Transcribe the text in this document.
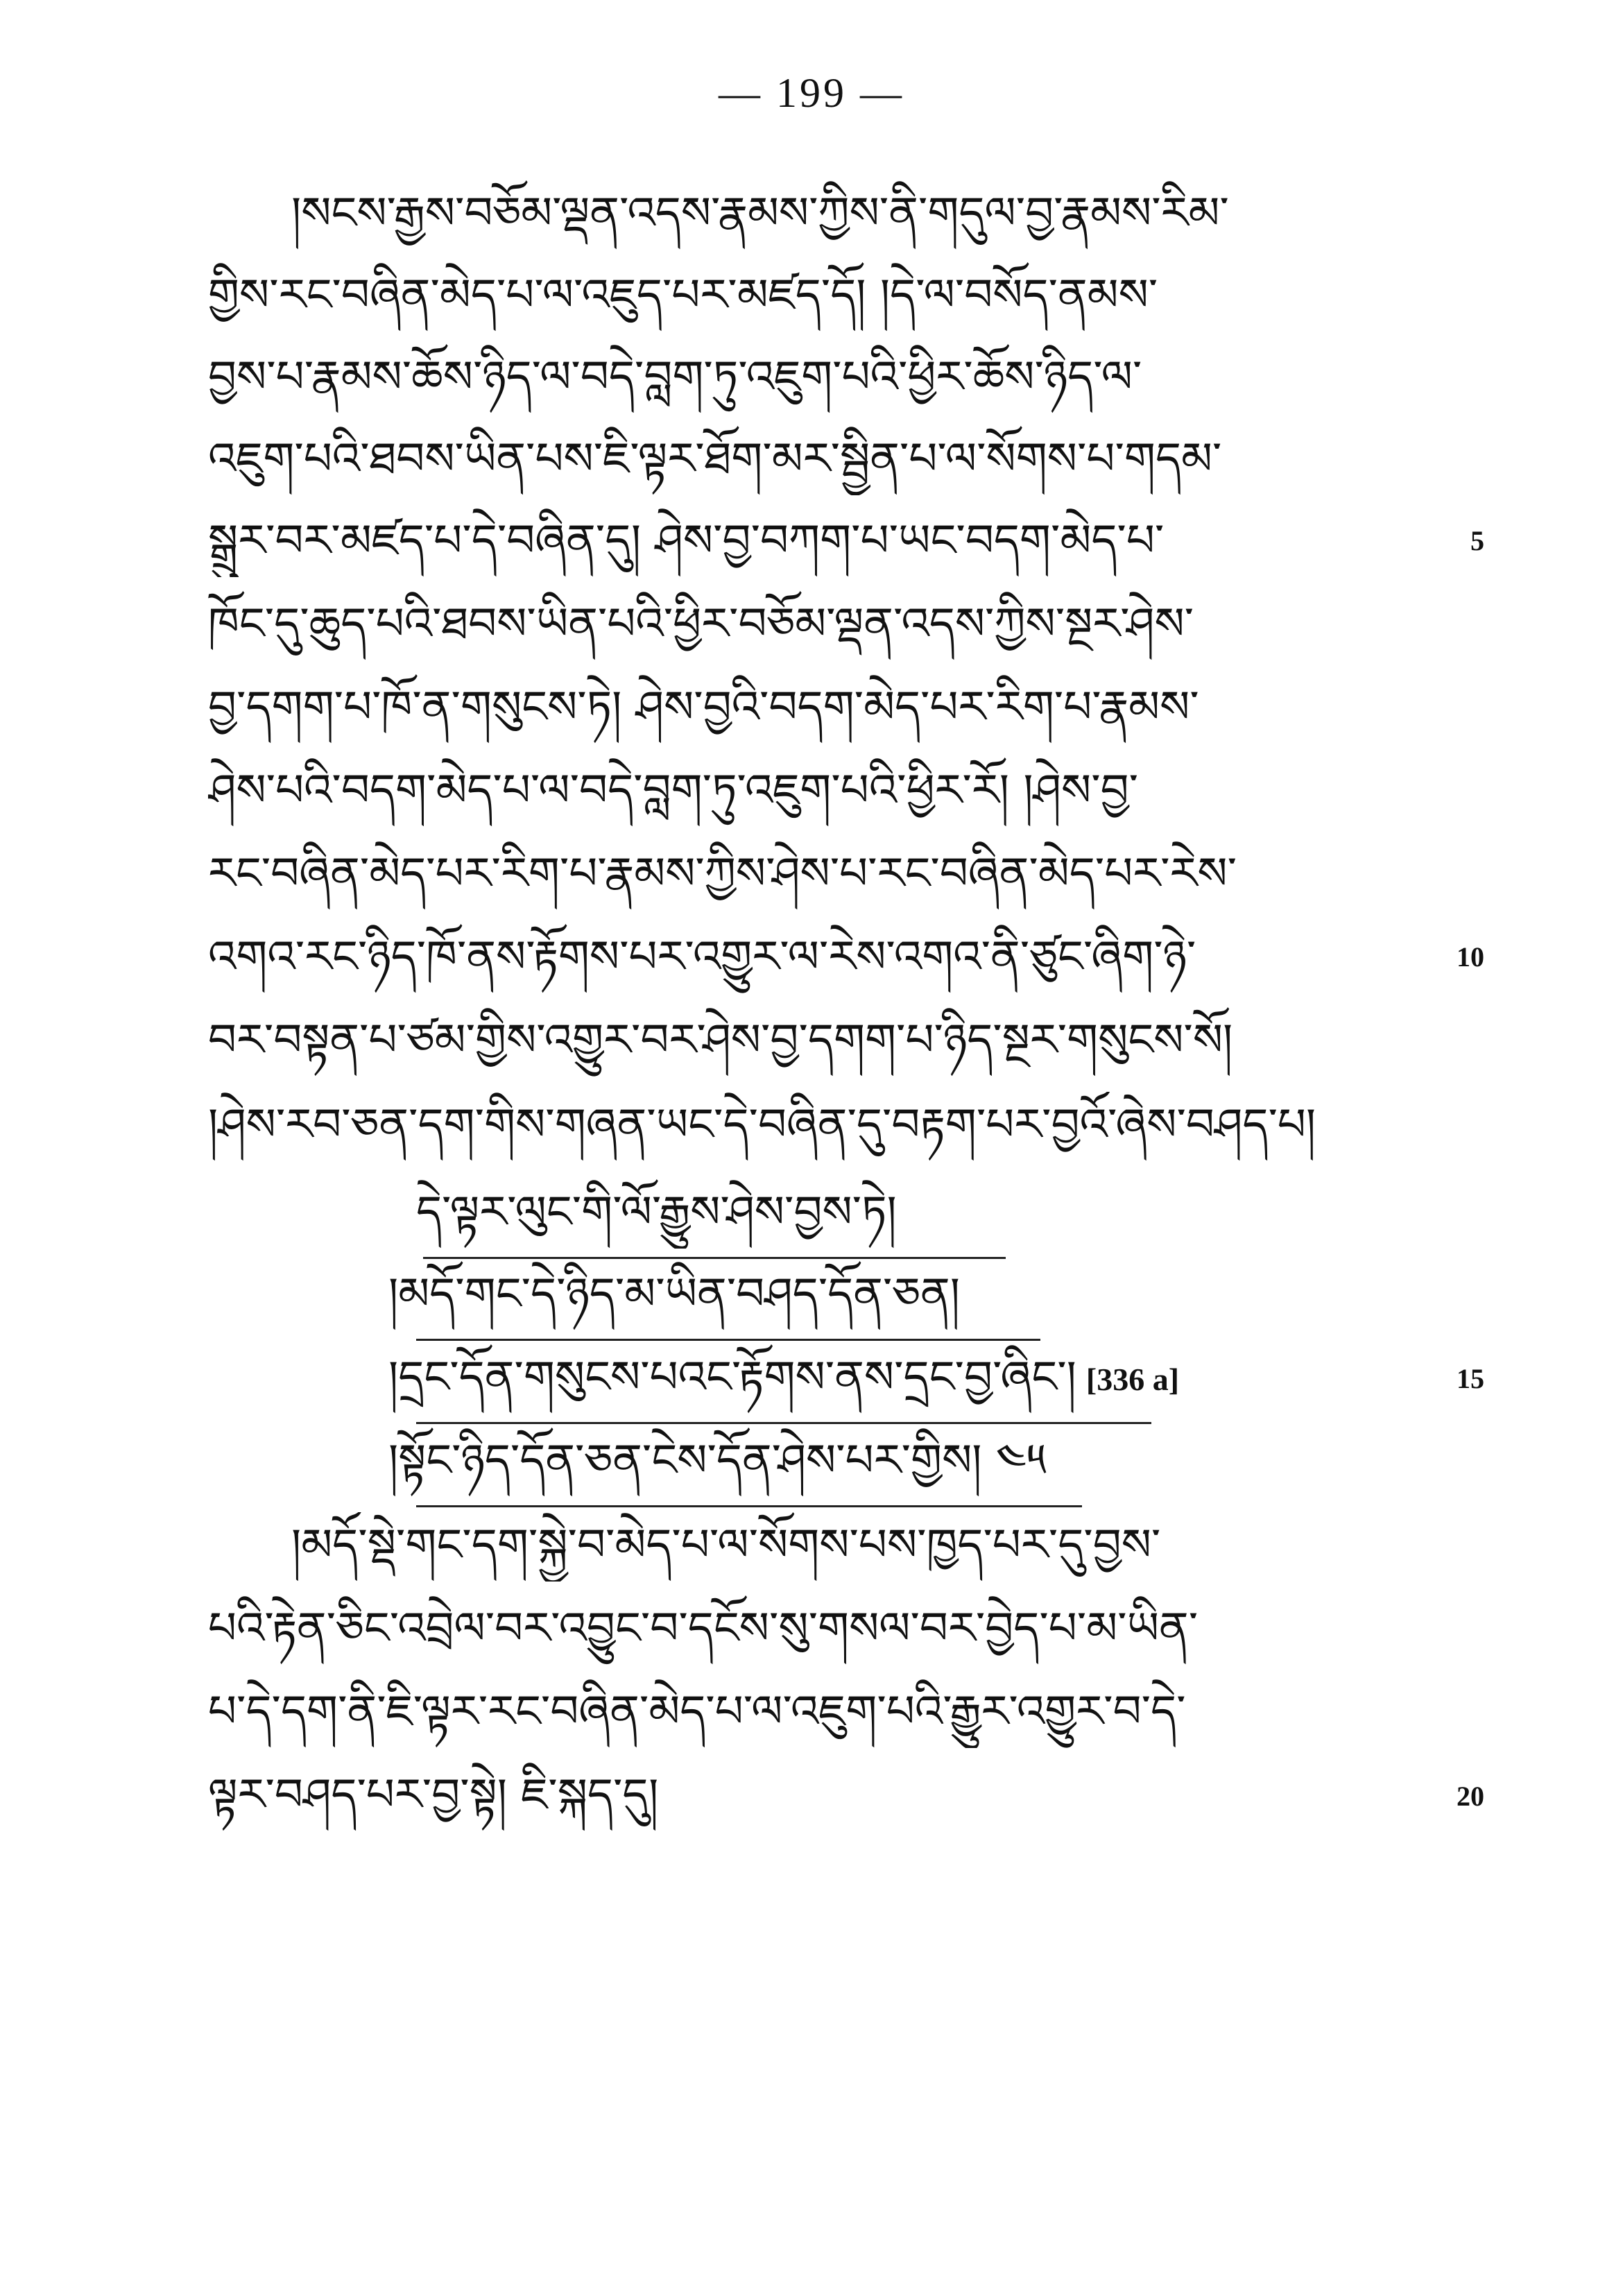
— 199 —
།སངས་རྒྱས་བཅོམ་ལྡན་འདས་རྣམས་ཀྱིས་ནི་གདུལ་བྱ་རྣམས་རིམ་
གྱིས་རང་བཞིན་མེད་པ་ལ་འཇུད་པར་མཛད་དོ། །དེ་ལ་བསོད་ནམས་
བྱས་པ་རྣམས་ཆོས་ཉིད་ལ་བདེ་བླག་ཏུ་འཇུག་པའི་ཕྱིར་ཆོས་ཉིད་ལ་
འཇུག་པའི་ཐབས་ཡིན་པས་ཇི་ལྟར་ཐོག་མར་སྦྱིན་པ་ལ་སོགས་པ་གདམ་
སྒྲུར་བར་མཛད་པ་དེ་བཞིན་དུ། ཤེས་བྱ་བཀག་པ་ཡང་བདག་མེད་པ་
ཁོང་དུ་ཆུད་པའི་ཐབས་ཡིན་པའི་ཕྱིར་བཅོམ་ལྡན་འདས་ཀྱིས་སྔར་ཤེས་
བྱ་དགག་པ་ཁོ་ན་གསུངས་ཏེ། ཤེས་བྱའི་བདག་མེད་པར་རིག་པ་རྣམས་
ཤེས་པའི་བདག་མེད་པ་ལ་བདེ་བླག་ཏུ་འཇུག་པའི་ཕྱིར་རོ། །ཤེས་བྱ་
རང་བཞིན་མེད་པར་རིག་པ་རྣམས་ཀྱིས་ཤེས་པ་རང་བཞིན་མེད་པར་རེས་
འགའ་རང་ཉིད་ཁོ་ནས་རྟོགས་པར་འགྱུར་ལ་རེས་འགའ་ནི་ཙུང་ཞིག་ཉེ་
བར་བསྟན་པ་ཙམ་གྱིས་འགྱུར་བར་ཤེས་བྱ་དགག་པ་ཉིད་སྔར་གསུངས་སོ།
།ཤེས་རབ་ཅན་དག་གིས་གཞན་ཡང་དེ་བཞིན་དུ་བརྟག་པར་བྱའོ་ཞེས་བཤད་པ།
དེ་ལྟར་ལུང་གི་ལོ་རྒྱུས་ཤེས་བྱས་ཏེ།
།མདོ་གང་དེ་ཉིད་མ་ཡིན་བཤད་དོན་ཅན།
།དྲང་དོན་གསུངས་པའང་རྟོགས་ནས་དྲང་བྱ་ཞིང་། [336 a]
།སྟོང་ཉིད་དོན་ཅན་ངེས་དོན་ཤེས་པར་གྱིས། ༤༥
།མདོ་སྡེ་གང་དག་སྐྱེ་བ་མེད་པ་ལ་སོགས་པས་ཁྱད་པར་དུ་བྱས་
པའི་རྟེན་ཅིང་འབྲེལ་བར་འབྱུང་བ་དངོས་སུ་གསལ་བར་བྱེད་པ་མ་ཡིན་
པ་དེ་དག་ནི་ཇི་ལྟར་རང་བཞིན་མེད་པ་ལ་འཇུག་པའི་རྒྱུར་འགྱུར་བ་དེ་
ལྟར་བཤད་པར་བྱ་སྟེ། ཇི་སྐད་དུ།
5
10
15
20
